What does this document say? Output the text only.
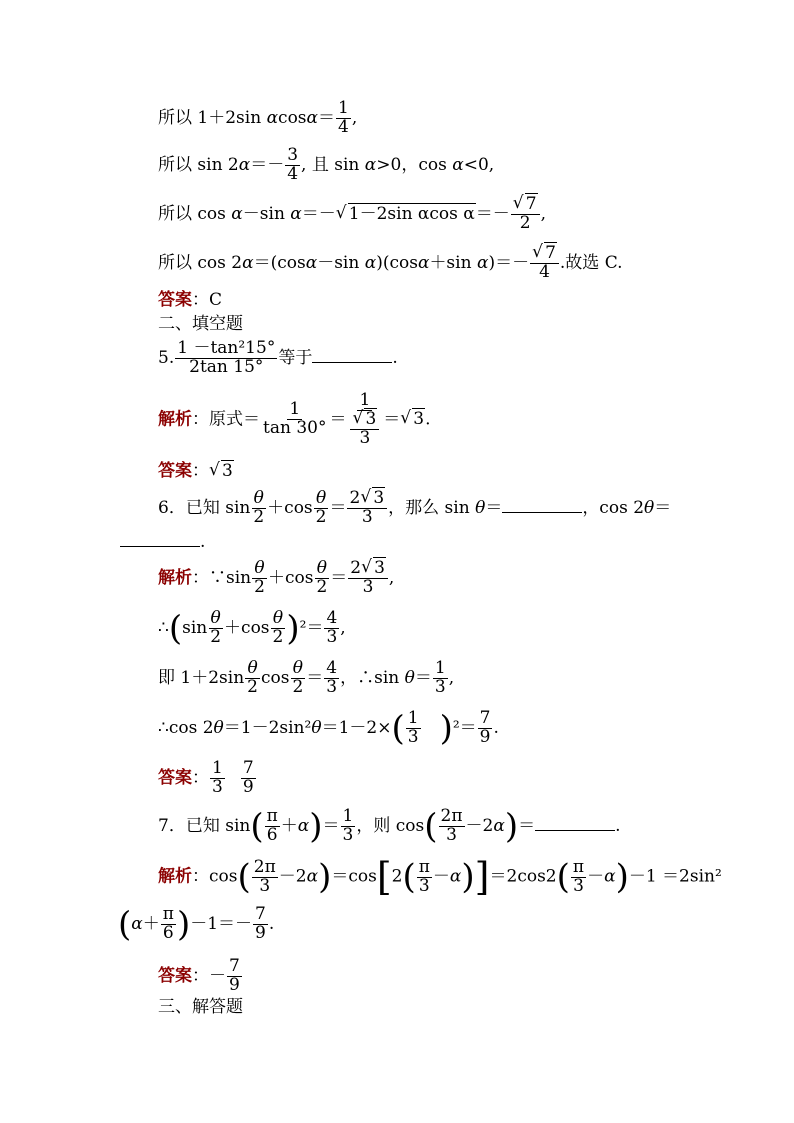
所以 1＋2sin $\alpha\cos\alpha= \frac{1}{4}$ ,
所以 $\sin 2\alpha=- \frac{3}{4}$ , 且 sin α>0，cos α<0,
所以 cos α－sin α＝－ √ 1－2sin αcos α＝－ √ $\frac{7}{2}$ ,
所以 cos 2α＝(cosα－sin α)(cosα＋sin α)＝－ √ $\frac{7}{4}$ .故选 C.
答案：C
二、填空题
5. $\frac{\text{1 －tan²15°}}{2\tan 15^\circ}$ 等于	.
解析：原式＝ $\frac{1}{\tan 30^\circ} = 1$
√ $\frac{3}{3}$ ＝ √ 3.
答案： √ 3
6．已知 $\sin \frac{\theta}{2} +\cos \frac{\theta}{2} = \frac{2 √ 3}{3}$ ，那么 sin θ＝	，cos 2θ＝
.
解析：∵sin $\frac{\theta}{2} +\cos \frac{\theta}{2} = \frac{2 √ 3}{3}$ ,
∴(sin $\frac{\theta}{2} +\cos \frac{\theta}{2} )^2= \frac{4}{3}$ ,
即 $1+2\sin \frac{\theta}{2}$ $\cos \frac{\theta}{2} = \frac{4}{3}$ ，∴sin $\theta= \frac{1}{3}$ ,
∴cos $2\theta=1-2\sin^2\theta=1-2\times( \frac{1}{3} )^2= \frac{7}{9}$ .
答案： $\frac{1}{3} \frac{7}{9}$
7．已知 $\sin( \frac{\pi}{6} +\alpha)= \frac{1}{3}$ ，则 $\cos( \frac{2\pi}{3} -2\alpha)=$	.
解析：$\cos( \frac{2\pi}{3} -2\alpha)=\cos[2( \frac{\pi}{3} -\alpha)]=2\cos 2( \frac{\pi}{3} -\alpha)-1 =2\sin^2$
$(\alpha+ \frac{\pi}{6} )-1=- \frac{7}{9}$ .
答案：－ $\frac{7}{9}$
三、解答题
